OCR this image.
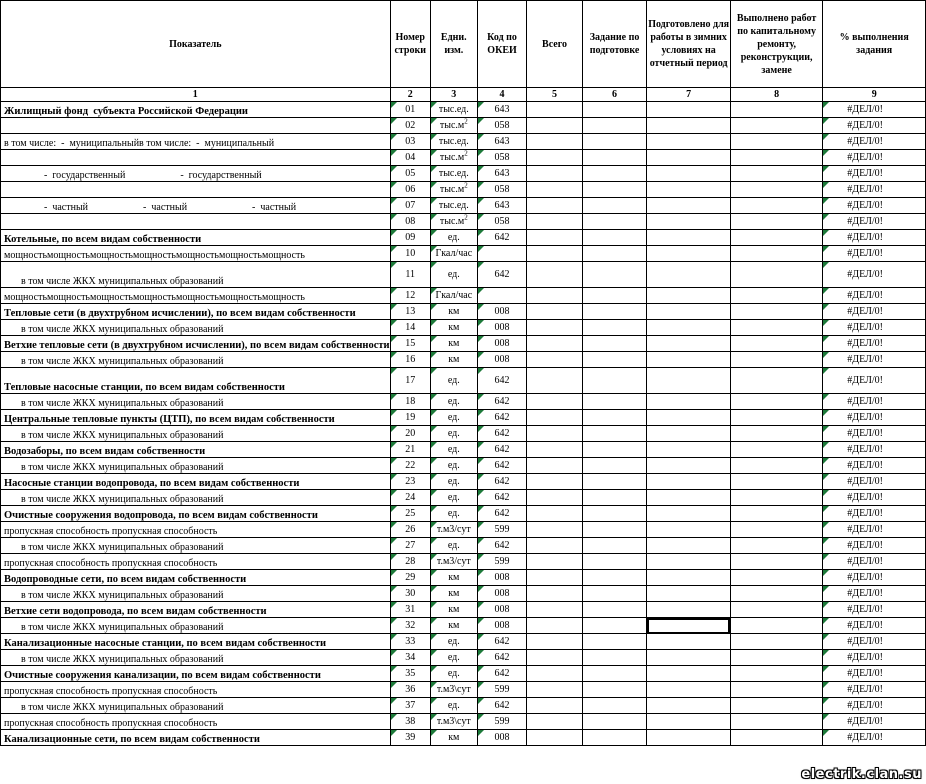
Показатель	Номер строки	Едни. изм.	Код по ОКЕИ	Всего	Задание по подготовке	Подготовлено для работы в зимних условиях на отчетный период	Выполнено работ по капитальному ремонту, реконструкции, замене	% выполнения задания
1	2	3	4	5	6	7	8	9
Жилищный фонд  субъекта Российской Федерации	01	тыс.ед.	643					#ДЕЛ/0!
	02	$тыс.м^2$	058					#ДЕЛ/0!
в том числе:  -  муниципальныйв том числе:  -  муниципальный	03	тыс.ед.	643					#ДЕЛ/0!
	04	$тыс.м^2$	058					#ДЕЛ/0!
-  государственный                      -  государственный	05	тыс.ед.	643					#ДЕЛ/0!
	06	$тыс.м^2$	058					#ДЕЛ/0!
-  частный                      -  частный                          -  частный	07	тыс.ед.	643					#ДЕЛ/0!
	08	$тыс.м^2$	058					#ДЕЛ/0!
Котельные, по всем видам собственности	09	ед.	642					#ДЕЛ/0!
мощностьмощностьмощностьмощностьмощностьмощностьмощность	10	Гкал/час						#ДЕЛ/0!
в том числе ЖКХ муниципальных образований	11	ед.	642					#ДЕЛ/0!
мощностьмощностьмощностьмощностьмощностьмощностьмощность	12	Гкал/час						#ДЕЛ/0!
Тепловые сети (в двухтрубном исчислении), по всем видам собственности	13	км	008					#ДЕЛ/0!
в том числе ЖКХ муниципальных образований	14	км	008					#ДЕЛ/0!
Ветхие тепловые сети (в двухтрубном исчислении), по всем видам собственности	15	км	008					#ДЕЛ/0!
в том числе ЖКХ муниципальных образований	16	км	008					#ДЕЛ/0!
Тепловые насосные станции, по всем видам собственности	17	ед.	642					#ДЕЛ/0!
в том числе ЖКХ муниципальных образований	18	ед.	642					#ДЕЛ/0!
Центральные тепловые пункты (ЦТП), по всем видам собственности	19	ед.	642					#ДЕЛ/0!
в том числе ЖКХ муниципальных образований	20	ед.	642					#ДЕЛ/0!
Водозаборы, по всем видам собственности	21	ед.	642					#ДЕЛ/0!
в том числе ЖКХ муниципальных образований	22	ед.	642					#ДЕЛ/0!
Насосные станции водопровода, по всем видам собственности	23	ед.	642					#ДЕЛ/0!
в том числе ЖКХ муниципальных образований	24	ед.	642					#ДЕЛ/0!
Очистные сооружения водопровода, по всем видам собственности	25	ед.	642					#ДЕЛ/0!
пропускная способность пропускная способность	26	т.м3/сут	599					#ДЕЛ/0!
в том числе ЖКХ муниципальных образований	27	ед.	642					#ДЕЛ/0!
пропускная способность пропускная способность	28	т.м3/сут	599					#ДЕЛ/0!
Водопроводные сети, по всем видам собственности	29	км	008					#ДЕЛ/0!
в том числе ЖКХ муниципальных образований	30	км	008					#ДЕЛ/0!
Ветхие сети водопровода, по всем видам собственности	31	км	008					#ДЕЛ/0!
в том числе ЖКХ муниципальных образований	32	км	008					#ДЕЛ/0!
Канализационные насосные станции, по всем видам собственности	33	ед.	642					#ДЕЛ/0!
в том числе ЖКХ муниципальных образований	34	ед.	642					#ДЕЛ/0!
Очистные сооружения канализации, по всем видам собственности	35	ед.	642					#ДЕЛ/0!
пропускная способность пропускная способность	36	т.м3\сут	599					#ДЕЛ/0!
в том числе ЖКХ муниципальных образований	37	ед.	642					#ДЕЛ/0!
пропускная способность пропускная способность	38	т.м3\сут	599					#ДЕЛ/0!
Канализационные сети, по всем видам собственности	39	км	008					#ДЕЛ/0!
electrik.clan.su
